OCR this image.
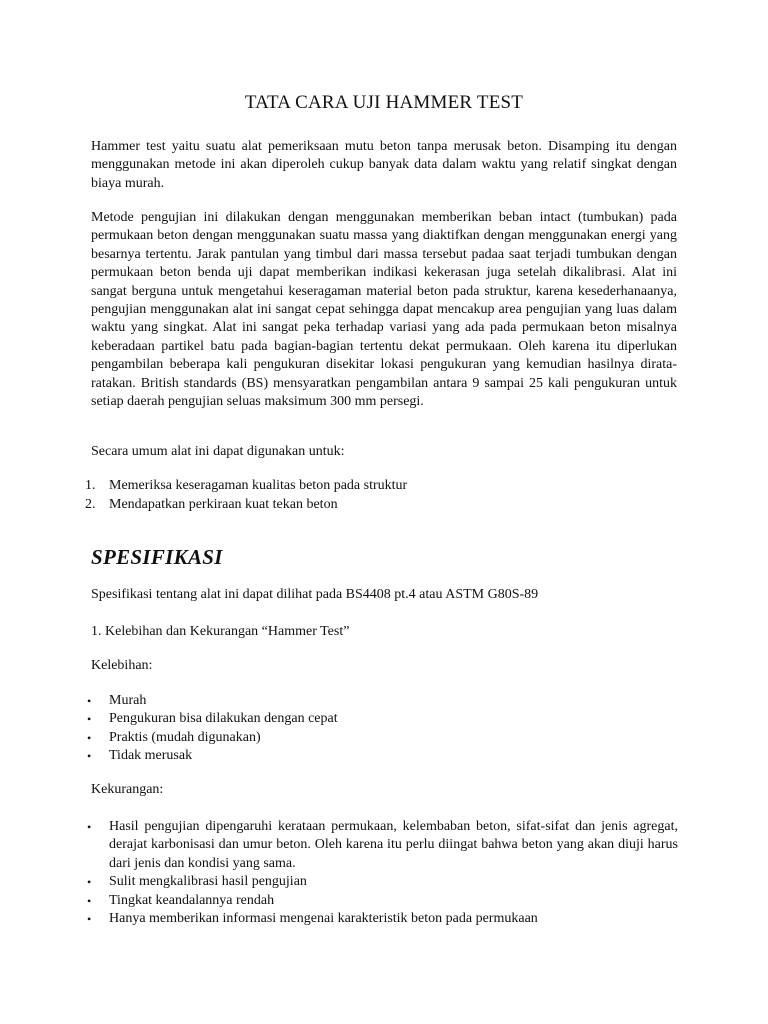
TATA CARA UJI HAMMER TEST

Hammer test yaitu suatu alat pemeriksaan mutu beton tanpa merusak beton. Disamping itu dengan menggunakan metode ini akan diperoleh cukup banyak data dalam waktu yang relatif singkat dengan biaya murah.

Metode pengujian ini dilakukan dengan menggunakan memberikan beban intact (tumbukan) pada permukaan beton dengan menggunakan suatu massa yang diaktifkan dengan menggunakan energi yang besarnya tertentu. Jarak pantulan yang timbul dari massa tersebut padaa saat terjadi tumbukan dengan permukaan beton benda uji dapat memberikan indikasi kekerasan juga setelah dikalibrasi. Alat ini sangat berguna untuk mengetahui keseragaman material beton pada struktur, karena kesederhanaanya, pengujian menggunakan alat ini sangat cepat sehingga dapat mencakup area pengujian yang luas dalam waktu yang singkat. Alat ini sangat peka terhadap variasi yang ada pada permukaan beton misalnya keberadaan partikel batu pada bagian-bagian tertentu dekat permukaan. Oleh karena itu diperlukan pengambilan beberapa kali pengukuran disekitar lokasi pengukuran yang kemudian hasilnya dirata-ratakan. British standards (BS) mensyaratkan pengambilan antara 9 sampai 25 kali pengukuran untuk setiap daerah pengujian seluas maksimum 300 mm persegi.

Secara umum alat ini dapat digunakan untuk:

1. Memeriksa keseragaman kualitas beton pada struktur
2. Mendapatkan perkiraan kuat tekan beton
SPESIFIKASI

Spesifikasi tentang alat ini dapat dilihat pada BS4408 pt.4 atau ASTM G80S-89

1. Kelebihan dan Kekurangan “Hammer Test”

Kelebihan:

• Murah
• Pengukuran bisa dilakukan dengan cepat
• Praktis (mudah digunakan)
• Tidak merusak

Kekurangan:

• Hasil pengujian dipengaruhi kerataan permukaan, kelembaban beton, sifat-sifat dan jenis agregat, derajat karbonisasi dan umur beton. Oleh karena itu perlu diingat bahwa beton yang akan diuji harus dari jenis dan kondisi yang sama.
• Sulit mengkalibrasi hasil pengujian
• Tingkat keandalannya rendah
• Hanya memberikan informasi mengenai karakteristik beton pada permukaan
